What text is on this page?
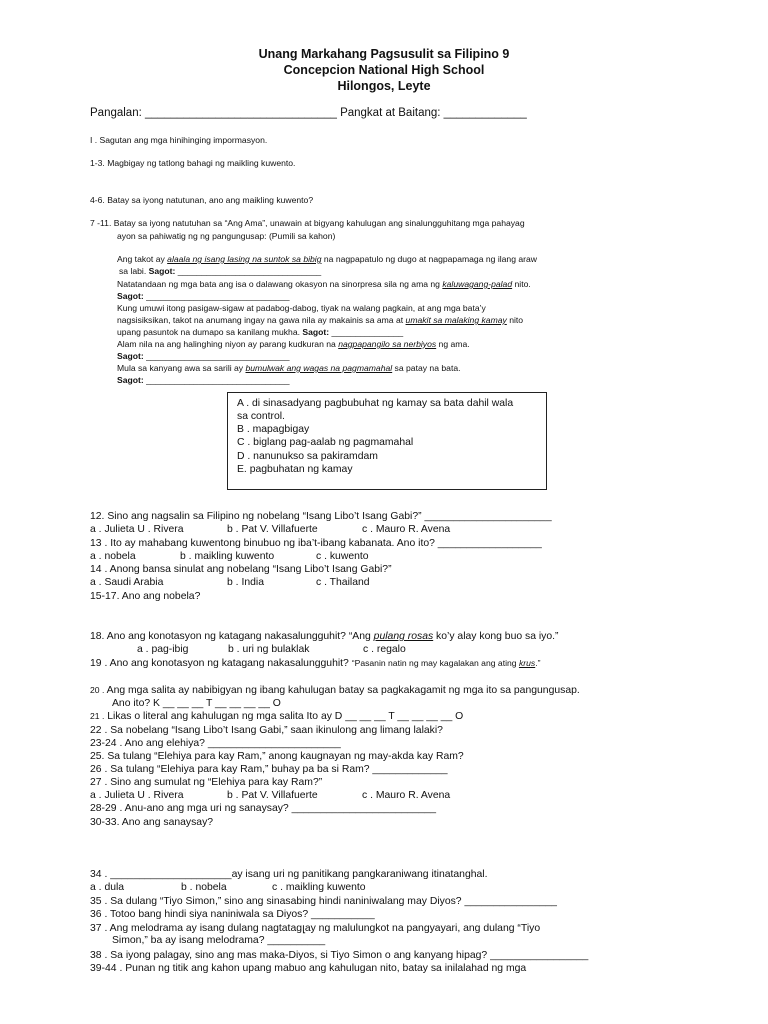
Unang Markahang Pagsusulit sa Filipino 9
Concepcion National High School
Hilongos, Leyte
Pangalan: ______________________________ Pangkat at Baitang: _____________
I . Sagutan ang mga hinihinging impormasyon.
1-3. Magbigay ng tatlong bahagi ng maikling kuwento.
4-6. Batay sa iyong natutunan, ano ang maikling kuwento?
7 -11. Batay sa iyong natutuhan sa “Ang Ama”, unawain at bigyang kahulugan ang sinalungguhitang mga pahayag
ayon sa pahiwatig ng ng pangungusap: (Pumili sa kahon)
Ang takot ay alaala ng isang lasing na suntok sa bibig na nagpapatulo ng dugo at nagpapamaga ng ilang araw
sa labi. Sagot: ______________________________
Natatandaan ng mga bata ang isa o dalawang okasyon na sinorpresa sila ng ama ng kaluwagang-palad nito.
Sagot: ______________________________
Kung umuwi itong pasigaw-sigaw at padabog-dabog, tiyak na walang pagkain, at ang mga bata’y
nagsisiksikan, takot na anumang ingay na gawa nila ay makainis sa ama at umakit sa malaking kamay nito
upang pasuntok na dumapo sa kanilang mukha. Sagot: _______________
Alam nila na ang halinghing niyon ay parang kudkuran na nagpapangilo sa nerbiyos ng ama.
Sagot: ______________________________
Mula sa kanyang awa sa sarili ay bumulwak ang wagas na pagmamahal sa patay na bata.
Sagot: ______________________________
A . di sinasadyang pagbubuhat ng kamay sa bata dahil wala
sa control.
B . mapagbigay
C . biglang pag-aalab ng pagmamahal
D . nanunukso sa pakiramdam
E. pagbuhatan ng kamay
12. Sino ang nagsalin sa Filipino ng nobelang “Isang Libo’t Isang Gabi?” ______________________
a . Julieta U . Rivera	b . Pat V. Villafuerte	c . Mauro R. Avena
13 . Ito ay mahabang kuwentong binubuo ng iba’t-ibang kabanata. Ano ito? __________________
a . nobela	b . maikling kuwento	c . kuwento
14 . Anong bansa sinulat ang nobelang “Isang Libo’t Isang Gabi?”
a . Saudi Arabia	b . India	c . Thailand
15-17. Ano ang nobela?
18. Ano ang konotasyon ng katagang nakasalungguhit? “Ang pulang rosas ko’y alay kong buo sa iyo.”
a . pag-ibig	b . uri ng bulaklak	c . regalo
19 . Ano ang konotasyon ng katagang nakasalungguhit? “Pasanin natin ng may kagalakan ang ating krus.”
20 . Ang mga salita ay nabibigyan ng ibang kahulugan batay sa pagkakagamit ng mga ito sa pangungusap.
Ano ito? K __ __ __ T __ __ __ __ O
21 . Likas o literal ang kahulugan ng mga salita Ito ay D __ __ __ T __ __ __ __ O
22 . Sa nobelang “Isang Libo’t Isang Gabi,” saan ikinulong ang limang lalaki?
23-24 . Ano ang elehiya? _______________________
25. Sa tulang “Elehiya para kay Ram,” anong kaugnayan ng may-akda kay Ram?
26 . Sa tulang “Elehiya para kay Ram,” buhay pa ba si Ram? _____________
27 . Sino ang sumulat ng “Elehiya para kay Ram?”
a . Julieta U . Rivera	b . Pat V. Villafuerte	c . Mauro R. Avena
28-29 . Anu-ano ang mga uri ng sanaysay? _________________________
30-33. Ano ang sanaysay?
34 . _____________________ay isang uri ng panitikang pangkaraniwang itinatanghal.
a . dula	b . nobela	c . maikling kuwento
35 . Sa dulang “Tiyo Simon,” sino ang sinasabing hindi naniniwalang may Diyos? ________________
36 . Totoo bang hindi siya naniniwala sa Diyos? ___________
37 . Ang melodrama ay isang dulang nagtatagլay ng malulungkot na pangyayari, ang dulang “Tiyo
Simon,” ba ay isang melodrama? __________
38 . Sa iyong palagay, sino ang mas maka-Diyos, si Tiyo Simon o ang kanyang hipag? _________________
39-44 . Punan ng titik ang kahon upang mabuo ang kahulugan nito, batay sa inilalahad ng mga
